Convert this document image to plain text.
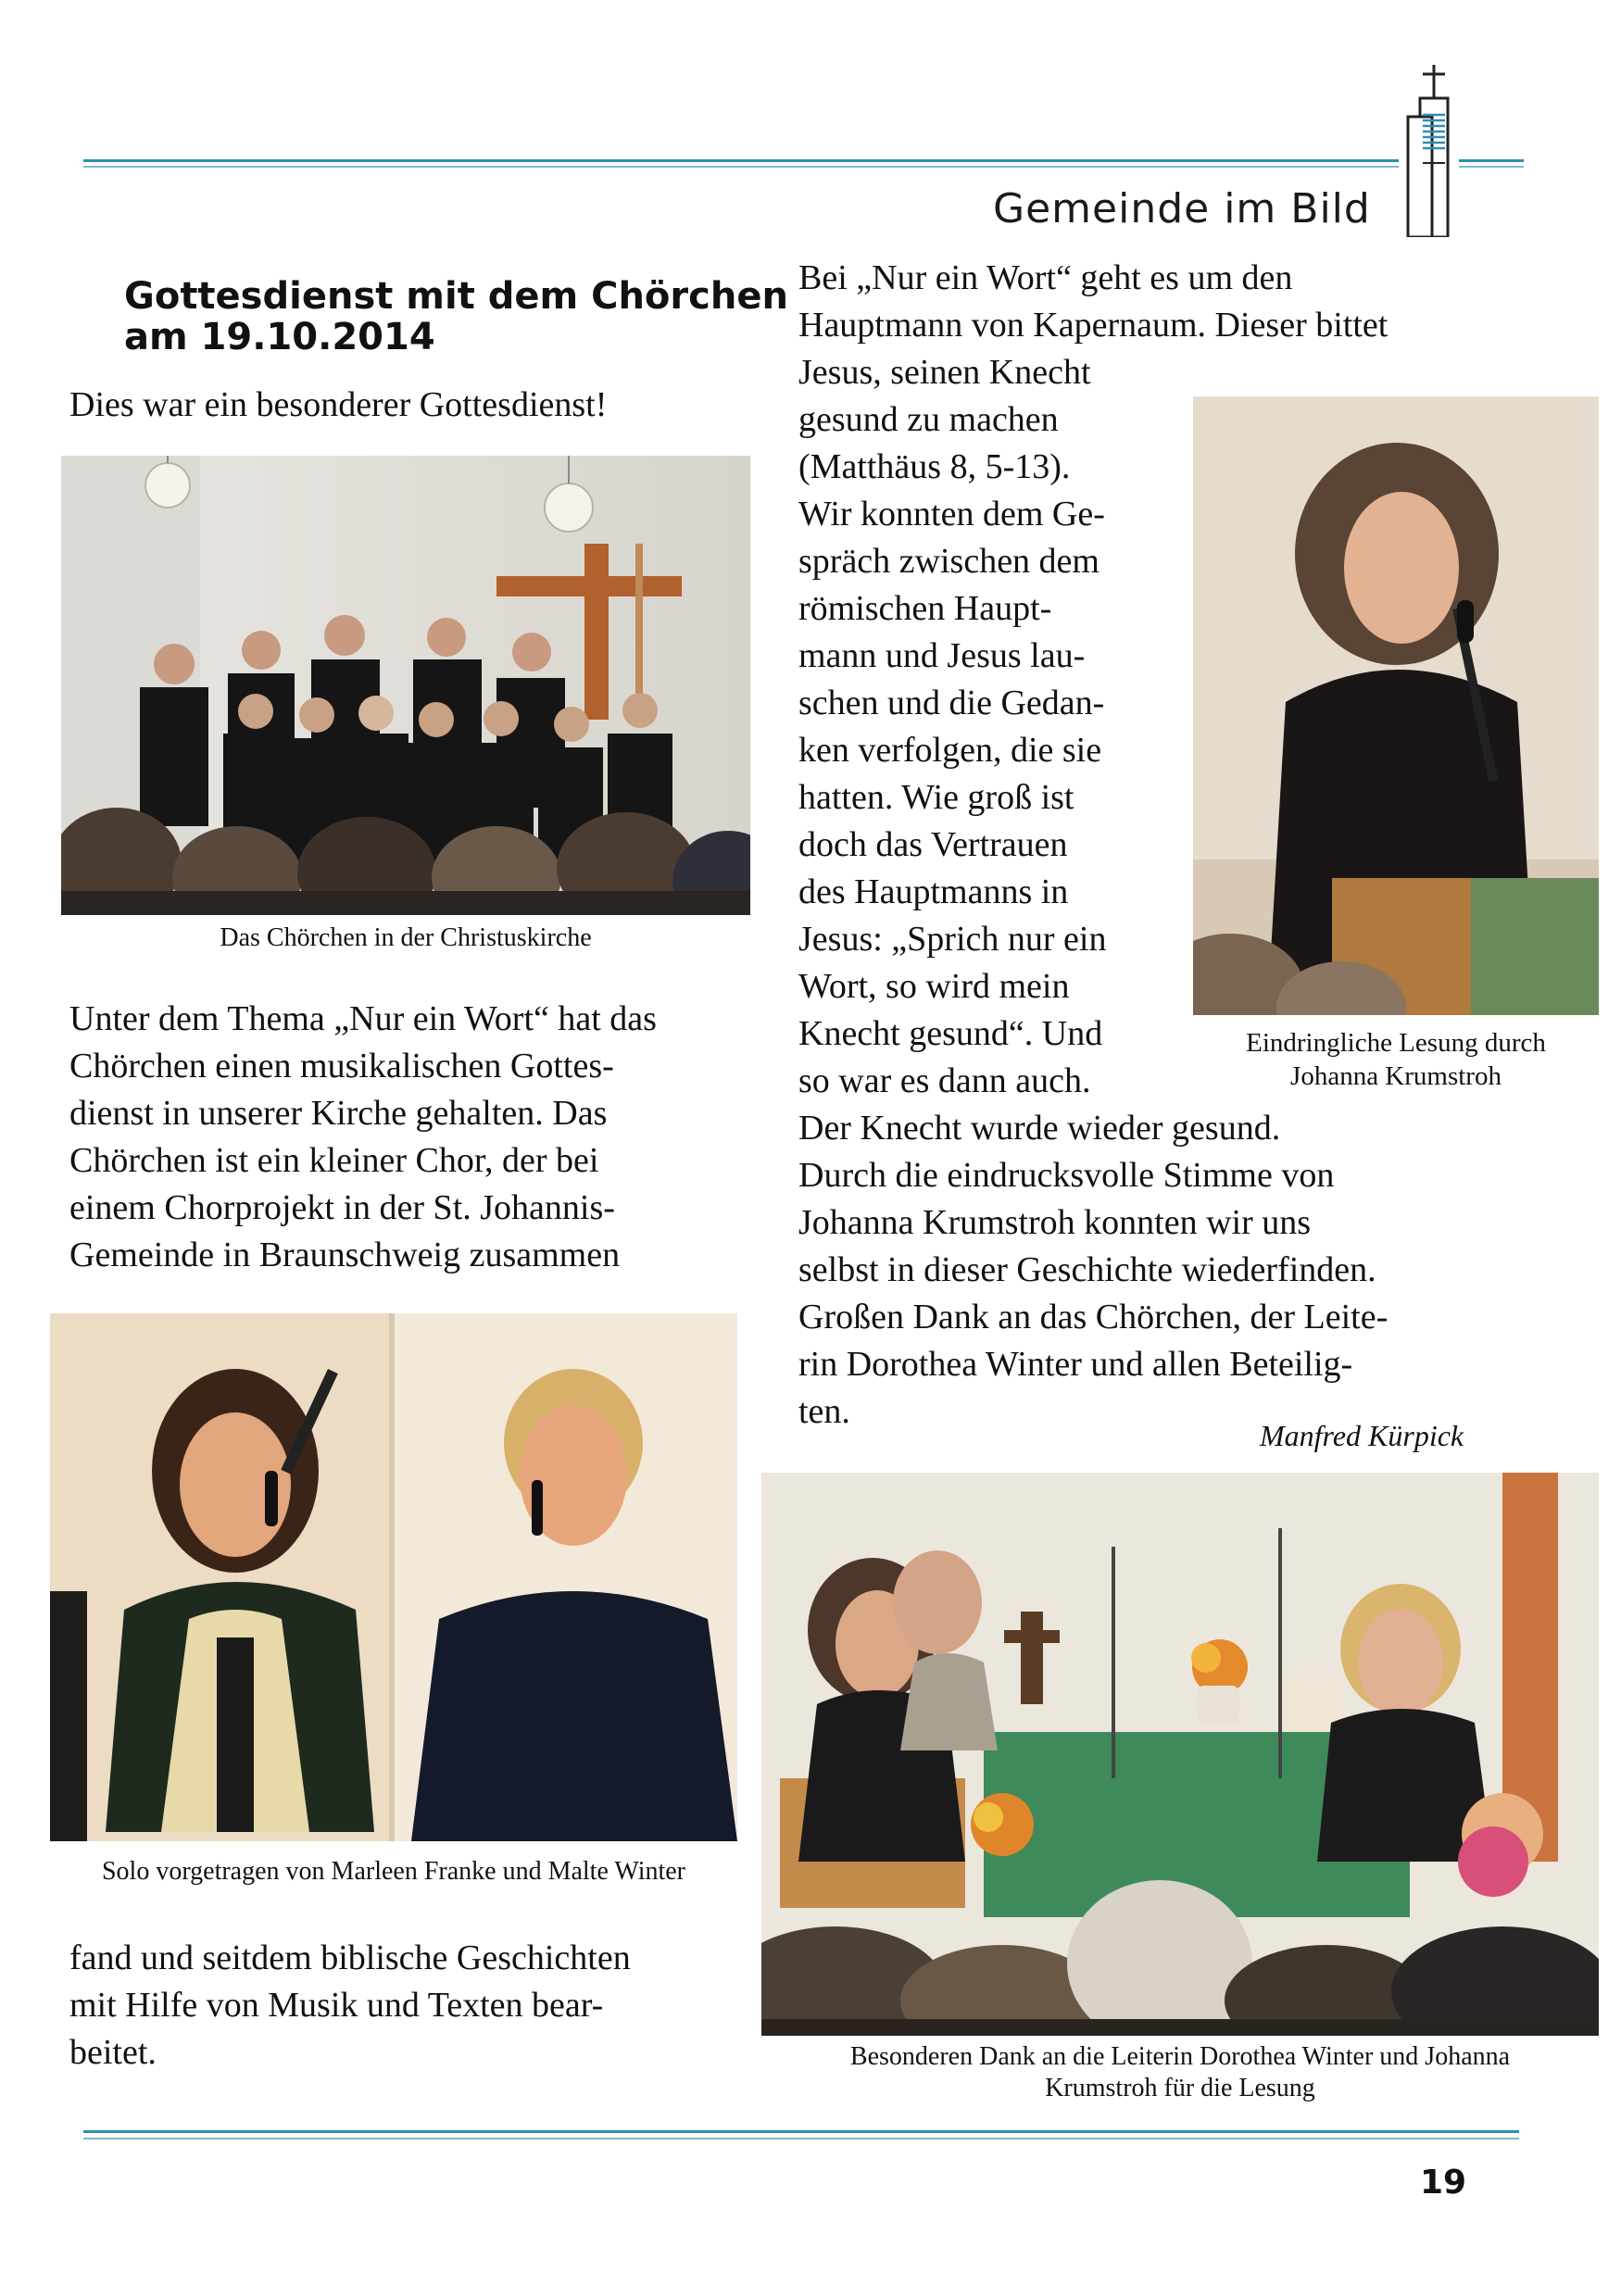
Gemeinde im Bild
Gottesdienst mit dem Chörchen
am 19.10.2014
Dies war ein besonderer Gottesdienst!
Das Chörchen in der Christuskirche
Unter dem Thema „Nur ein Wort“ hat das
Chörchen einen musikalischen Gottes-
dienst in unserer Kirche gehalten. Das
Chörchen ist ein kleiner Chor, der bei
einem Chorprojekt in der St. Johannis-
Gemeinde in Braunschweig zusammen
Solo vorgetragen von Marleen Franke und Malte Winter
fand und seitdem biblische Geschichten
mit Hilfe von Musik und Texten bear-
beitet.
Bei „Nur ein Wort“ geht es um den
Hauptmann von Kapernaum. Dieser bittet
Jesus, seinen Knecht
gesund zu machen
(Matthäus 8, 5-13).
Wir konnten dem Ge-
spräch zwischen dem
römischen Haupt-
mann und Jesus lau-
schen und die Gedan-
ken verfolgen, die sie
hatten. Wie groß ist
doch das Vertrauen
des Hauptmanns in
Jesus: „Sprich nur ein
Wort, so wird mein
Knecht gesund“. Und
so war es dann auch.
Der Knecht wurde wieder gesund.
Durch die eindrucksvolle Stimme von
Johanna Krumstroh konnten wir uns
selbst in dieser Geschichte wiederfinden.
Großen Dank an das Chörchen, der Leite-
rin Dorothea Winter und allen Beteilig-
ten.
Manfred Kürpick
Eindringliche Lesung durch
Johanna Krumstroh
Besonderen Dank an die Leiterin Dorothea Winter und Johanna
Krumstroh für die Lesung
19
